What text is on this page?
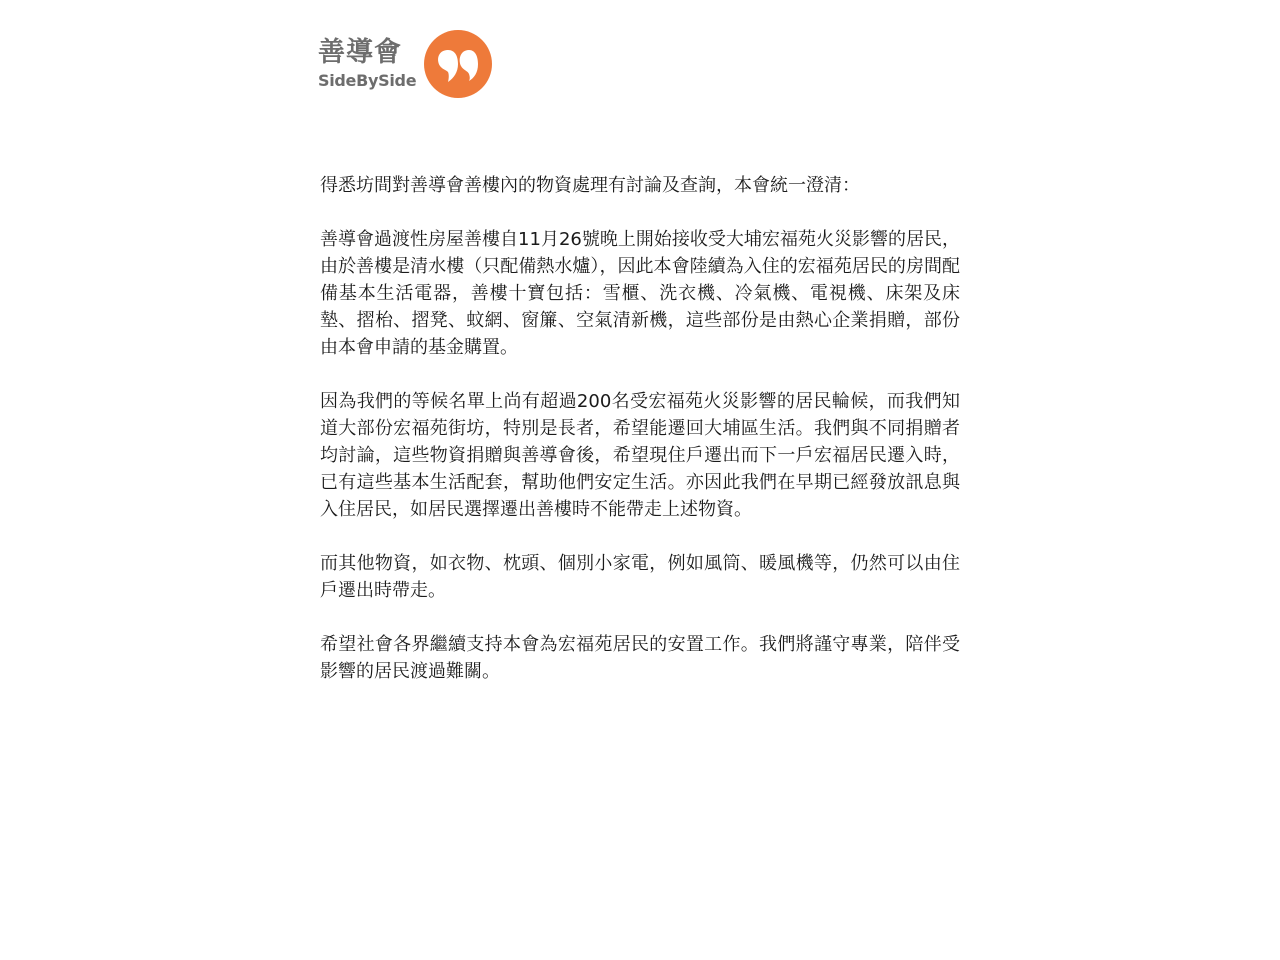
善導會
SideBySide

得悉坊間對善導會善樓內的物資處理有討論及查詢，本會統一澄清：

善導會過渡性房屋善樓自11月26號晚上開始接收受大埔宏福苑火災影響的居民，由於善樓是清水樓（只配備熱水爐），因此本會陸續為入住的宏福苑居民的房間配備基本生活電器，善樓十寶包括：雪櫃、洗衣機、冷氣機、電視機、床架及床墊、摺枱、摺凳、蚊網、窗簾、空氣清新機，這些部份是由熱心企業捐贈，部份由本會申請的基金購置。

因為我們的等候名單上尚有超過200名受宏福苑火災影響的居民輪候，而我們知道大部份宏福苑街坊，特別是長者，希望能遷回大埔區生活。我們與不同捐贈者均討論，這些物資捐贈與善導會後，希望現住戶遷出而下一戶宏福居民遷入時，已有這些基本生活配套，幫助他們安定生活。亦因此我們在早期已經發放訊息與入住居民，如居民選擇遷出善樓時不能帶走上述物資。

而其他物資，如衣物、枕頭、個別小家電，例如風筒、暖風機等，仍然可以由住戶遷出時帶走。

希望社會各界繼續支持本會為宏福苑居民的安置工作。我們將謹守專業，陪伴受影響的居民渡過難關。
